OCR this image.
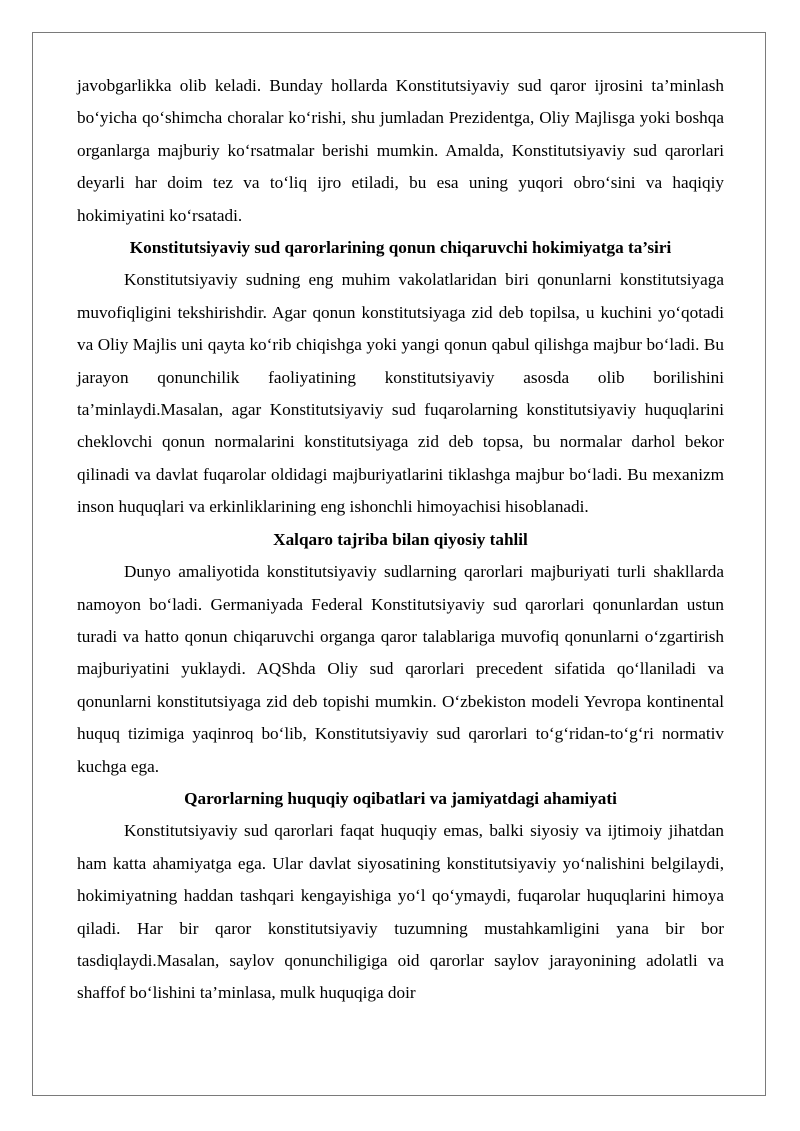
javobgarlikka olib keladi. Bunday hollarda Konstitutsiyaviy sud qaror ijrosini ta’minlash bo‘yicha qo‘shimcha choralar ko‘rishi, shu jumladan Prezidentga, Oliy Majlisga yoki boshqa organlarga majburiy ko‘rsatmalar berishi mumkin. Amalda, Konstitutsiyaviy sud qarorlari deyarli har doim tez va to‘liq ijro etiladi, bu esa uning yuqori obro‘sini va haqiqiy hokimiyatini ko‘rsatadi.

Konstitutsiyaviy sud qarorlarining qonun chiqaruvchi hokimiyatga ta’siri

Konstitutsiyaviy sudning eng muhim vakolatlaridan biri qonunlarni konstitutsiyaga muvofiqligini tekshirishdir. Agar qonun konstitutsiyaga zid deb topilsa, u kuchini yo‘qotadi va Oliy Majlis uni qayta ko‘rib chiqishga yoki yangi qonun qabul qilishga majbur bo‘ladi. Bu jarayon qonunchilik faoliyatining konstitutsiyaviy asosda olib borilishini ta’minlaydi.Masalan, agar Konstitutsiyaviy sud fuqarolarning konstitutsiyaviy huquqlarini cheklovchi qonun normalarini konstitutsiyaga zid deb topsa, bu normalar darhol bekor qilinadi va davlat fuqarolar oldidagi majburiyatlarini tiklashga majbur bo‘ladi. Bu mexanizm inson huquqlari va erkinliklarining eng ishonchli himoyachisi hisoblanadi.

Xalqaro tajriba bilan qiyosiy tahlil

Dunyo amaliyotida konstitutsiyaviy sudlarning qarorlari majburiyati turli shakllarda namoyon bo‘ladi. Germaniyada Federal Konstitutsiyaviy sud qarorlari qonunlardan ustun turadi va hatto qonun chiqaruvchi organga qaror talablariga muvofiq qonunlarni o‘zgartirish majburiyatini yuklaydi. AQShda Oliy sud qarorlari precedent sifatida qo‘llaniladi va qonunlarni konstitutsiyaga zid deb topishi mumkin. O‘zbekiston modeli Yevropa kontinental huquq tizimiga yaqinroq bo‘lib, Konstitutsiyaviy sud qarorlari to‘g‘ridan-to‘g‘ri normativ kuchga ega.

Qarorlarning huquqiy oqibatlari va jamiyatdagi ahamiyati

Konstitutsiyaviy sud qarorlari faqat huquqiy emas, balki siyosiy va ijtimoiy jihatdan ham katta ahamiyatga ega. Ular davlat siyosatining konstitutsiyaviy yo‘nalishini belgilaydi, hokimiyatning haddan tashqari kengayishiga yo‘l qo‘ymaydi, fuqarolar huquqlarini himoya qiladi. Har bir qaror konstitutsiyaviy tuzumning mustahkamligini yana bir bor tasdiqlaydi.Masalan, saylov qonunchiligiga oid qarorlar saylov jarayonining adolatli va shaffof bo‘lishini ta’minlasa, mulk huquqiga doir
